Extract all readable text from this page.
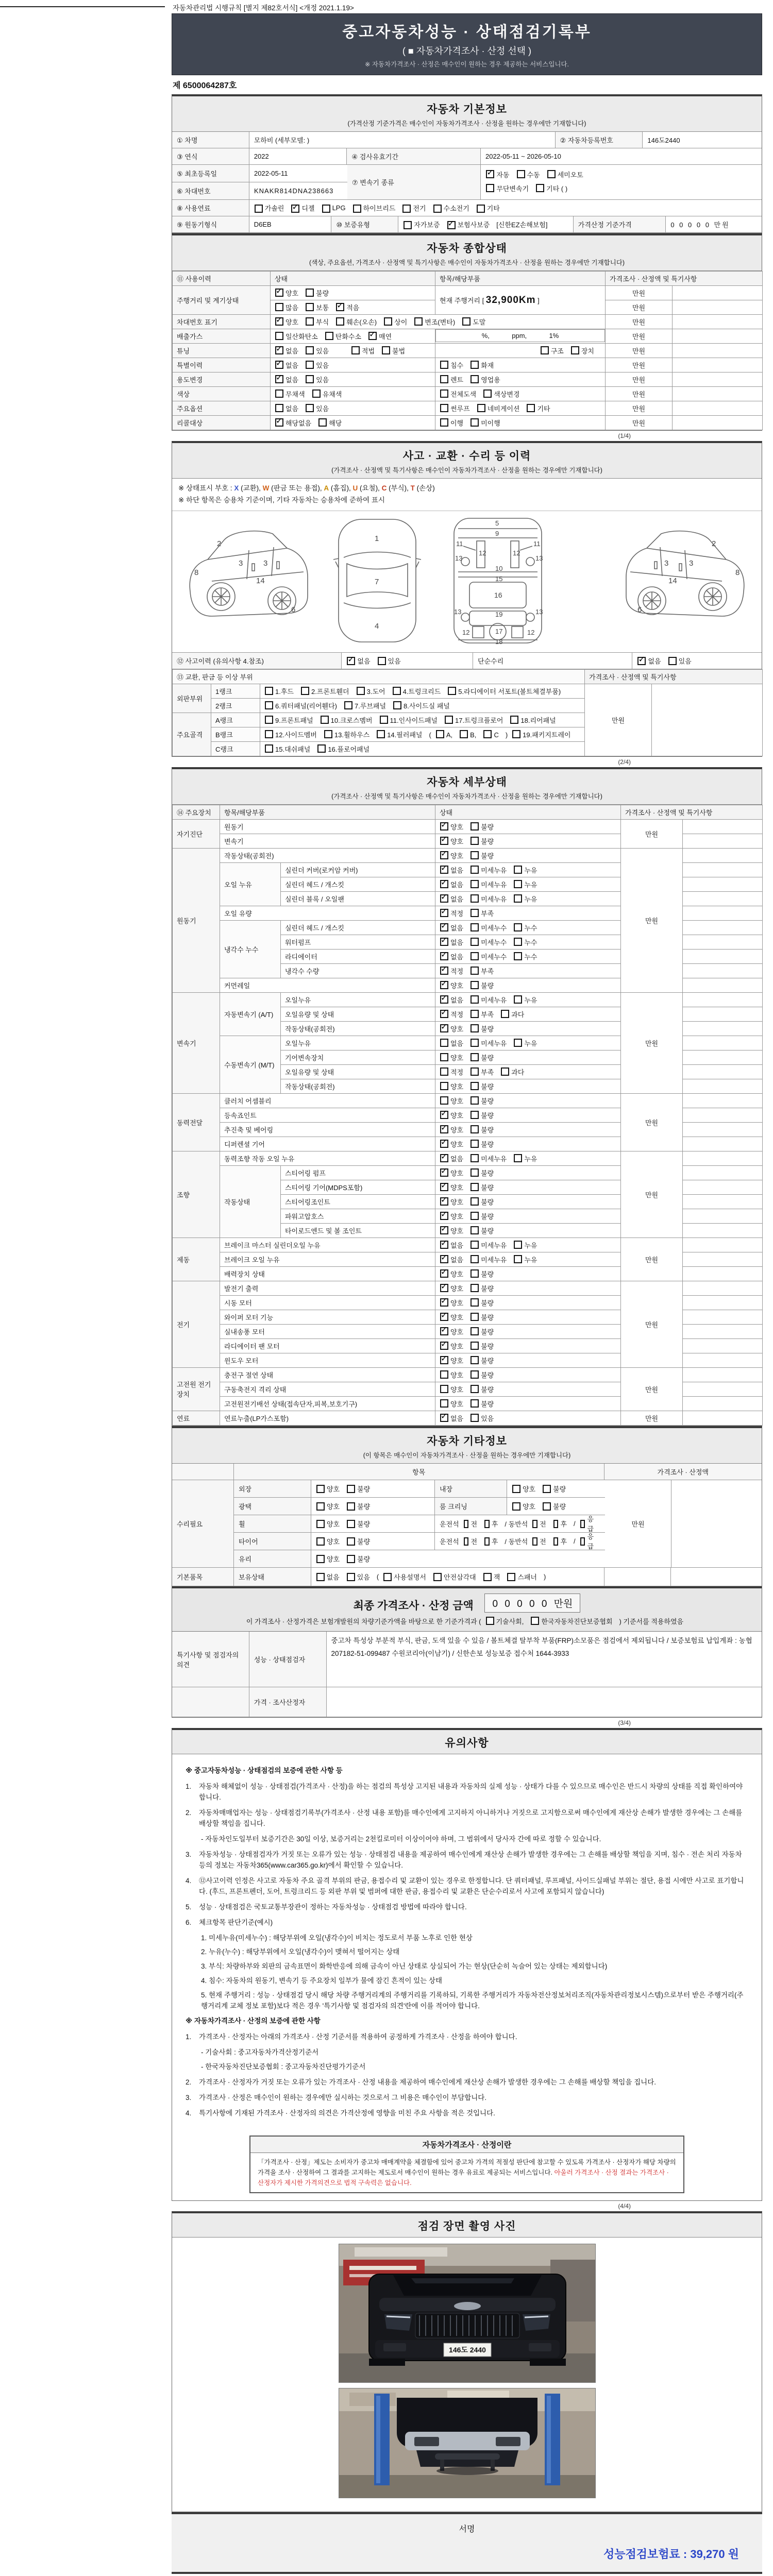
자동차관리법 시행규칙 [별지 제82호서식] <개정 2021.1.19>
중고자동차성능 · 상태점검기록부
( ■ 자동차가격조사 · 산정 선택 )
※ 자동차가격조사 · 산정은 매수인이 원하는 경우 제공하는 서비스입니다.
제 6500064287호
자동차 기본정보
(가격산정 기준가격은 매수인이 자동차가격조사 · 산정을 원하는 경우에만 기재합니다)
① 차명	모하비 (세부모델: )	② 자동차등록번호	146도2440
③ 연식	2022	④ 검사유효기간	2022-05-11 ~ 2026-05-10
⑤ 최초등록일	2022-05-11
⑥ 차대번호	KNAKR814DNA238663
⑦ 변속기 종류
✓자동	수동	세미오토
무단변속기	기타 ( )
⑧ 사용연료	가솔린 ✓	디젤	LPG	하이브리드	전기	수소전기	기타
⑨ 원동기형식	D6EB	⑩ 보증유형	자가보증 ✓	보험사보증 [신한EZ손해보험]	가격산정 기준가격	0 0 0 0 0 만원
자동차 종합상태
(색상, 주요옵션, 가격조사 · 산정액 및 특기사항은 매수인이 자동차가격조사 · 산정을 원하는 경우에만 기재합니다)
⑪ 사용이력	상태	항목/해당부품	가격조사 · 산정액 및 특기사항	
주행거리 및 계기상태	✓양호 불량	현재 주행거리 [ 32,900Km ]	만원	
	많음 보통 ✓ 적음		만원	
차대번호 표기	✓양호 부식 훼손(오손) 상이 변조(변타) 도말		만원	
배출가스	일산화탄소 탄화수소 ✓ 매연		%,            ppm,            1%	만원	
튜닝	✓없음 있음 적법 불법	구조 장치	만원	
특별이력	✓없음 있음	침수 화재	만원	
용도변경	✓없음 있음	렌트 영업용	만원	
색상	무채색 유채색	전체도색 색상변경	만원	
주요옵션	없음 있음	썬루프 네비게이션 기타	만원	
리콜대상	✓해당없음 해당	이행 미이행	만원	
(1/4)
사고 · 교환 · 수리 등 이력
(가격조사 · 산정액 및 특기사항은 매수인이 자동차가격조사 · 산정을 원하는 경우에만 기재합니다)
※ 상태표시 부호 : X (교환), W (판금 또는 용접), A (흠집), U (요철), C (부식), T (손상)
※ 하단 항목은 승용차 기준이며, 기타 자동차는 승용차에 준하여 표시
2
8
3
14
3
6
1
7
4
5
9
11	11
13
12	12
13
10
15
16
19
13	13
12	17	12
18
2
8
3
14
3
6
⑫ 사고이력 (유의사항 4.참조) ✓	없음	있음	단순수리 ✓	없음	있음
⑬ 교환, 판금 등 이상 부위			가격조사 · 산정액 및 특기사항	
외판부위	1랭크	1.후드 2.프론트휀더 3.도어 4.트렁크리드 5.라디에이터 서포트(볼트체결부품)	만원	
	2랭크	6.쿼터패널(리어휀다) 7.루브패널 8.사이드실 패널		
주요골격	A랭크	9.프론트패널 10.크로스멤버 11.인사이드패널 17.트렁크플로어 18.리어패널		
	B랭크	12.사이드멤버 13.휠하우스 14.필러패널 ( A, B, C ) 19.패키지트레이		
	C랭크	15.대쉬패널 16.플로어패널		
(2/4)
자동차 세부상태
(가격조사 · 산정액 및 특기사항은 매수인이 자동차가격조사 · 산정을 원하는 경우에만 기재합니다)
⑭ 주요장치	항목/해당부품		상태	가격조사 · 산정액 및 특기사항	
자기진단	원동기	✓양호 불량	만원	
	변속기	✓양호 불량	
원동기	작동상태(공회전)	✓양호 불량	만원	
	오일 누유	실린더 커버(로커암 커버)	✓없음 미세누유 누유	
		실린더 헤드 / 개스킷	✓없음 미세누유 누유	
		실린더 블록 / 오일팬	✓없음 미세누유 누유	
	오일 유량	✓적정 부족	
	냉각수 누수	실린더 헤드 / 개스킷	✓없음 미세누수 누수	
		워터펌프	✓없음 미세누수 누수	
		라디에이터	✓없음 미세누수 누수	
		냉각수 수량	✓적정 부족	
	커먼레일	✓양호 불량	
변속기	자동변속기 (A/T)	오일누유	✓없음 미세누유 누유	만원	
		오일유량 및 상태	✓적정 부족 과다	
		작동상태(공회전)	✓양호 불량	
	수동변속기 (M/T)	오일누유	없음 미세누유 누유		
		기어변속장치	양호 불량		
		오일유량 및 상태	적정 부족 과다		
		작동상태(공회전)	양호 불량		
동력전달	클러치 어셈블리		양호 불량	만원	
	등속죠인트	✓양호 불량	
	추진축 및 베어링	✓양호 불량	
	디퍼렌셜 기어	✓양호 불량	
조향	동력조향 작동 오일 누유	✓없음 미세누유 누유	만원	
	작동상태	스티어링 펌프	✓양호 불량	
		스티어링 기어(MDPS포함)	✓양호 불량	
		스티어링조인트	✓양호 불량	
		파워고압호스	✓양호 불량	
		타이로드엔드 및 볼 조인트	✓양호 불량	
제동	브레이크 마스터 실린더오일 누유	✓없음 미세누유 누유	만원	
	브레이크 오일 누유	✓없음 미세누유 누유	
	배력장치 상태	✓양호 불량	
전기	발전기 출력	✓양호 불량	만원	
	시동 모터	✓양호 불량	
	와이퍼 모터 기능	✓양호 불량	
	실내송풍 모터	✓양호 불량	
	라디에이터 팬 모터	✓양호 불량	
	윈도우 모터	✓양호 불량	
고전원 전기장치	충전구 절연 상태		양호 불량	만원	
	구동축전지 격리 상태		양호 불량		
	고전원전기배선 상태(접속단자,피복,보호기구)		양호 불량		
연료	연료누출(LP가스포함)	✓없음 있음	만원	
자동차 기타정보
(이 항목은 매수인이 자동차가격조사 · 산정을 원하는 경우에만 기재합니다)
항목	가격조사 · 산정액
수리필요
외장	양호	불량	내장	양호	불량
광택	양호	불량	룸 크리닝	양호	불량
휠	양호	불량	운전석 전 후 / 동반석 전 후 /
응급
타이어	양호	불량	운전석 전 후 / 동반석 전 후 /
응급
유리	양호	불량
만원
기본품목	보유상태	없음	있음 ( 사용설명서	안전삼각대	잭	스패너 )
최종 가격조사 · 산정 금액 0 0 0 0 0 만원
이 가격조사 · 산정가격은 보험개발원의 차량기준가액을 바탕으로 한 기준가격과 ( 기술사회,	한국자동차진단보증협회 ) 기준서를 적용하였음
특기사항 및 점검자의 의견
성능 · 상태점검자
중고차 특성상 부분적 부식, 판금, 도색 있을 수 있음 / 볼트체결 탈부착 부품(FRP)소모품은 점검에서 제외됩니다 / 보증보험료 납입계좌 : 농협 207182-51-099487 수원코리아(이남기) / 신한손보 성능보증 접수처 1644-3933
가격 · 조사산정자
(3/4)
유의사항
※ 중고자동차성능 · 상태점검의 보증에 관한 사항 등
1.	자동차 해체없이 성능 · 상태점검(가격조사 · 산정)을 하는 점검의 특성상 고지된 내용과 자동차의 실제 성능 · 상태가 다를 수 있으므로 매수인은 반드시 차량의 상태를 직접 확인하여야 합니다.
2.	자동차매매업자는 성능 · 상태점검기록부(가격조사 · 산정 내용 포함)를 매수인에게 고지하지 아니하거나 거짓으로 고지함으로써 매수인에게 재산상 손해가 발생한 경우에는 그 손해를 배상할 책임을 집니다.
- 자동차인도일부터 보증기간은 30일 이상, 보증거리는 2천킬로미터 이상이어야 하며, 그 범위에서 당사자 간에 따로 정할 수 있습니다.
3.	자동차성능 · 상태점검자가 거짓 또는 오류가 있는 성능 · 상태점검 내용을 제공하여 매수인에게 재산상 손해가 발생한 경우에는 그 손해를 배상할 책임을 지며, 침수 · 전손 처리 자동차 등의 정보는 자동차365(www.car365.go.kr)에서 확인할 수 있습니다.
4.	⑫사고이력 인정은 사고로 자동차 주요 골격 부위의 판금, 용접수리 및 교환이 있는 경우로 한정합니다. 단 쿼터패널, 루프패널, 사이드실패널 부위는 절단, 용접 시에만 사고로 표기합니다. (후드, 프론트펜더, 도어, 트렁크리드 등 외판 부위 및 범퍼에 대한 판금, 용접수리 및 교환은 단순수리로서 사고에 포함되지 않습니다)
5.	성능 · 상태점검은 국토교통부장관이 정하는 자동차성능 · 상태점검 방법에 따라야 합니다.
6.	체크항목 판단기준(예시)
1. 미세누유(미세누수) : 해당부위에 오일(냉각수)이 비치는 정도로서 부품 노후로 인한 현상
2. 누유(누수) : 해당부위에서 오일(냉각수)이 맺혀서 떨어지는 상태
3. 부식: 차량하부와 외판의 금속표면이 화학반응에 의해 금속이 아닌 상태로 상실되어 가는 현상(단순히 녹슬어 있는 상태는 제외합니다)
4. 침수: 자동차의 원동기, 변속기 등 주요장치 일부가 물에 잠긴 흔적이 있는 상태
5. 현재 주행거리 : 성능 · 상태점검 당시 해당 차량 주행거리계의 주행거리를 기록하되, 기록한 주행거리가 자동차전산정보처리조직(자동차관리정보시스템)으로부터 받은 주행거리(주행거리계 교체 정보 포함)보다 적은 경우 '특기사항 및 점검자의 의견'란에 이를 적어야 합니다.
※ 자동차가격조사 · 산정의 보증에 관한 사항
1.	가격조사 · 산정자는 아래의 가격조사 · 산정 기준서를 적용하여 공정하게 가격조사 · 산정을 하여야 합니다.
- 기술사회 : 중고자동차가격산정기준서
- 한국자동차진단보증협회 : 중고자동차진단평가기준서
2.	가격조사 · 산정자가 거짓 또는 오류가 있는 가격조사 · 산정 내용을 제공하여 매수인에게 재산상 손해가 발생한 경우에는 그 손해를 배상할 책임을 집니다.
3.	가격조사 · 산정은 매수인이 원하는 경우에만 실시하는 것으로서 그 비용은 매수인이 부담합니다.
4.	특기사항에 기재된 가격조사 · 산정자의 의견은 가격산정에 영향을 미친 주요 사항을 적은 것입니다.
자동차가격조사 · 산정이란
「가격조사 · 산정」제도는 소비자가 중고차 매매계약을 체결함에 있어 중고차 가격의 적절성 판단에 참고할 수 있도록 가격조사 · 산정자가 해당 차량의 가격을 조사 · 산정하여 그 결과를 고지하는 제도로서 매수인이 원하는 경우 유료로 제공되는 서비스입니다. 아울러 가격조사 · 산정 결과는 가격조사 · 산정자가 제시한 가격의견으로 법적 구속력은 없습니다.
(4/4)
점검 장면 촬영 사진
146도 2440
서명
성능점검보험료 : 39,270 원
